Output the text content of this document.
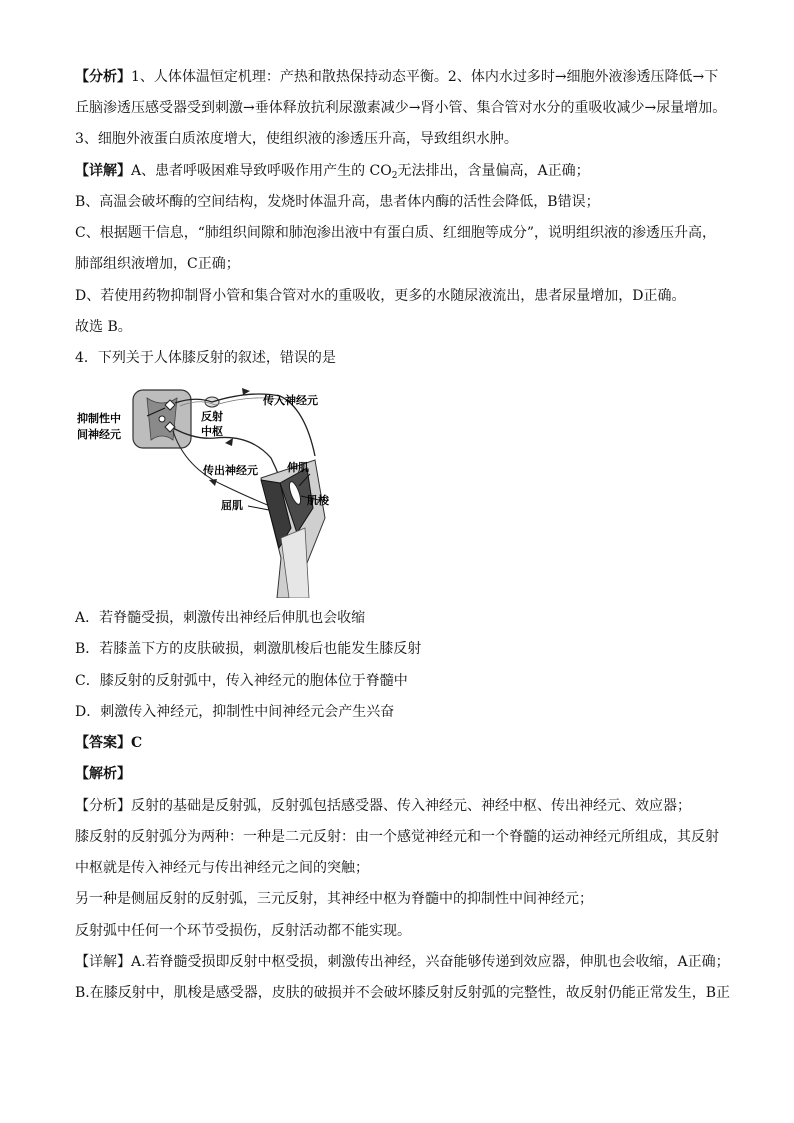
【分析】1、人体体温恒定机理：产热和散热保持动态平衡。2、体内水过多时→细胞外液渗透压降低→下
丘脑渗透压感受器受到刺激→垂体释放抗利尿激素减少→肾小管、集合管对水分的重吸收减少→尿量增加。
3、细胞外液蛋白质浓度增大，使组织液的渗透压升高，导致组织水肿。
【详解】A、患者呼吸困难导致呼吸作用产生的 $CO_2$无法排出，含量偏高，A正确；
B、高温会破坏酶的空间结构，发烧时体温升高，患者体内酶的活性会降低，B错误；
C、根据题干信息，“肺组织间隙和肺泡渗出液中有蛋白质、红细胞等成分”，说明组织液的渗透压升高，
肺部组织液增加，C正确；
D、若使用药物抑制肾小管和集合管对水的重吸收，更多的水随尿液流出，患者尿量增加，D正确。
故选 B。
4．下列关于人体膝反射的叙述，错误的是
抑制性中
间神经元
反射
中枢
传入神经元
传出神经元	伸肌
屈肌	肌梭
A．若脊髓受损，刺激传出神经后伸肌也会收缩
B．若膝盖下方的皮肤破损，刺激肌梭后也能发生膝反射
C．膝反射的反射弧中，传入神经元的胞体位于脊髓中
D．刺激传入神经元，抑制性中间神经元会产生兴奋
【答案】C
【解析】
【分析】反射的基础是反射弧，反射弧包括感受器、传入神经元、神经中枢、传出神经元、效应器；
膝反射的反射弧分为两种：一种是二元反射：由一个感觉神经元和一个脊髓的运动神经元所组成，其反射
中枢就是传入神经元与传出神经元之间的突触；
另一种是侧屈反射的反射弧，三元反射，其神经中枢为脊髓中的抑制性中间神经元；
反射弧中任何一个环节受损伤，反射活动都不能实现。
【详解】A.若脊髓受损即反射中枢受损，刺激传出神经，兴奋能够传递到效应器，伸肌也会收缩，A正确；
B.在膝反射中，肌梭是感受器，皮肤的破损并不会破坏膝反射反射弧的完整性，故反射仍能正常发生，B正
